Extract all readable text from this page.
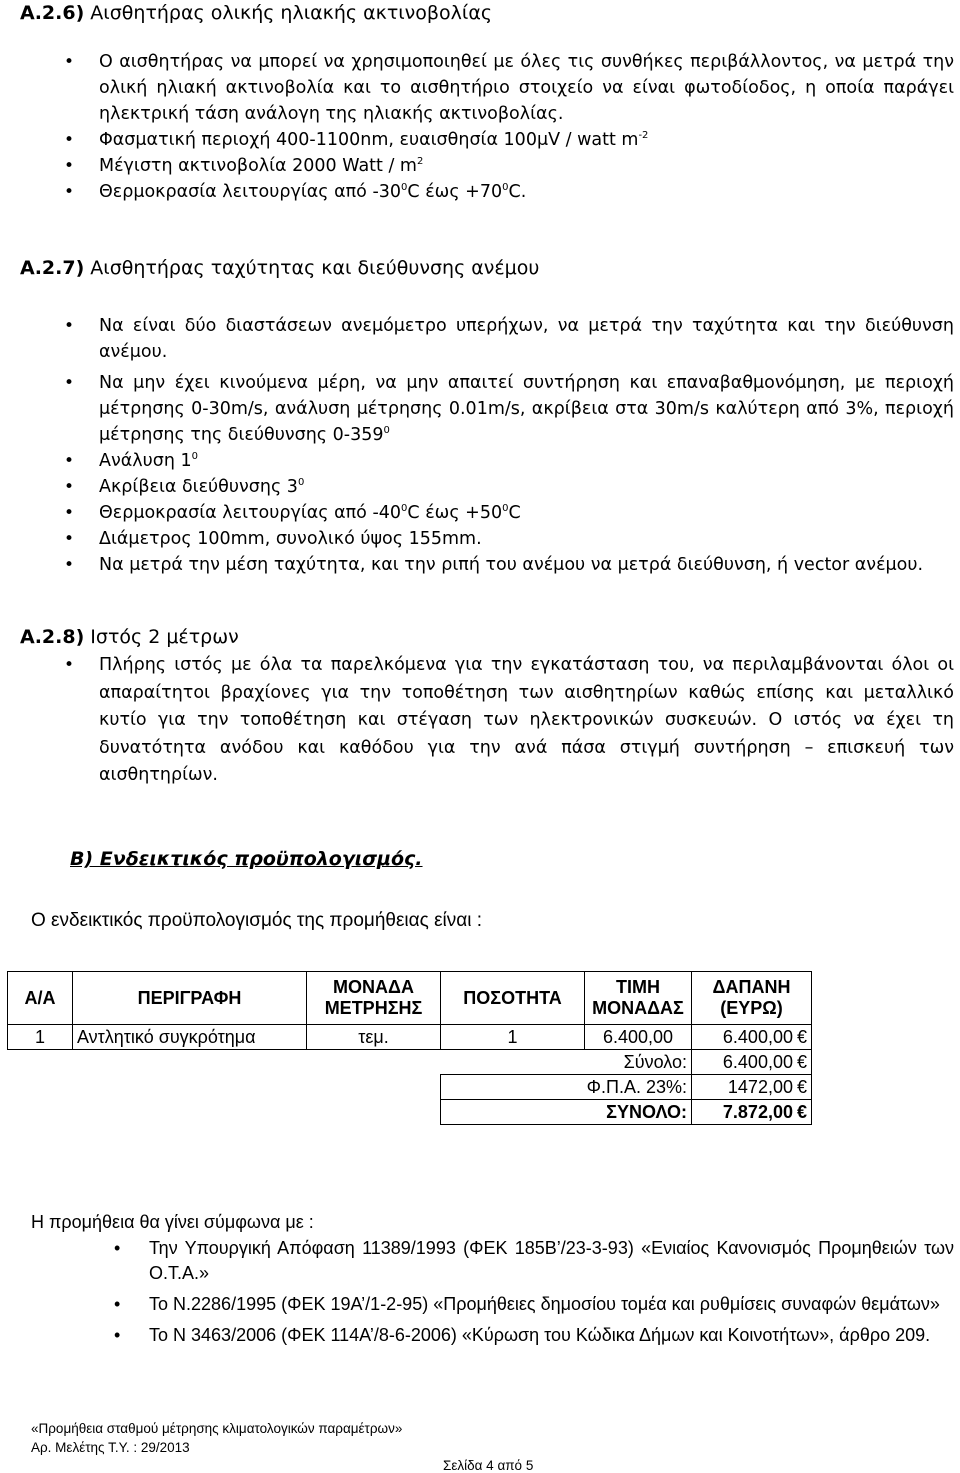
Α.2.6) Αισθητήρας ολικής ηλιακής ακτινοβολίας
• Ο αισθητήρας να μπορεί να χρησιμοποιηθεί με όλες τις συνθήκες περιβάλλοντος, να μετρά την ολική ηλιακή ακτινοβολία και το αισθητήριο στοιχείο να είναι φωτοδίοδος, η οποία παράγει ηλεκτρική τάση ανάλογη της ηλιακής ακτινοβολίας.
• Φασματική περιοχή 400-1100nm, ευαισθησία 100μV / watt $m^{-2}$
• Μέγιστη ακτινοβολία 2000 Watt / $m^2$
• Θερμοκρασία λειτουργίας από $-30^0C$ $έ\omega\varsigma +70^0C$.
Α.2.7) Αισθητήρας ταχύτητας και διεύθυνσης ανέμου
• Να είναι δύο διαστάσεων ανεμόμετρο υπερήχων, να μετρά την ταχύτητα και την διεύθυνση ανέμου.
• Να μην έχει κινούμενα μέρη, να μην απαιτεί συντήρηση και επαναβαθμονόμηση, με περιοχή μέτρησης 0-30m/s, ανάλυση μέτρησης 0.01m/s, ακρίβεια στα 30m/s καλύτερη από 3%, περιοχή μέτρησης της διεύθυνσης $0-359^0$
• Ανάλυση $1^0$
• Ακρίβεια διεύθυνσης $3^0$
• Θερμοκρασία λειτουργίας από $-40^0C$ $έ\omega\varsigma +50^0C$
• Διάμετρος 100mm, συνολικό ύψος 155mm.
• Να μετρά την μέση ταχύτητα, και την ριπή του ανέμου να μετρά διεύθυνση, ή vector ανέμου.
Α.2.8) Ιστός 2 μέτρων
• Πλήρης ιστός με όλα τα παρελκόμενα για την εγκατάσταση του, να περιλαμβάνονται όλοι οι απαραίτητοι βραχίονες για την τοποθέτηση των αισθητηρίων καθώς επίσης και μεταλλικό κυτίο για την τοποθέτηση και στέγαση των ηλεκτρονικών συσκευών. Ο ιστός να έχει τη δυνατότητα ανόδου και καθόδου για την ανά πάσα στιγμή συντήρηση – επισκευή των αισθητηρίων.
Β) Ενδεικτικός προϋπολογισμός.
Ο ενδεικτικός προϋπολογισμός της προμήθειας είναι :
Α/Α	ΠΕΡΙΓΡΑΦΗ	ΜΟΝΑΔΑ ΜΕΤΡΗΣΗΣ	ΠΟΣΟΤΗΤΑ	ΤΙΜΗ ΜΟΝΑΔΑΣ	ΔΑΠΑΝΗ (ΕΥΡΩ)
1	Αντλητικό συγκρότημα	τεμ.	1	6.400,00	6.400,00 €
				Σύνολο:	6.400,00 €
			Φ.Π.Α. 23%:		1472,00 €
			ΣΥΝΟΛΟ:		7.872,00 €
Η προμήθεια θα γίνει σύμφωνα με :
• Την Υπουργική Απόφαση 11389/1993 (ΦΕΚ 185Β’/23-3-93) «Ενιαίος Κανονισμός Προμηθειών των Ο.Τ.Α.»
• Το Ν.2286/1995 (ΦΕΚ 19Α’/1-2-95) «Προμήθειες δημοσίου τομέα και ρυθμίσεις συναφών θεμάτων»
• Το Ν 3463/2006 (ΦΕΚ 114Α’/8-6-2006) «Κύρωση του Κώδικα Δήμων και Κοινοτήτων», άρθρο 209.
«Προμήθεια σταθμού μέτρησης κλιματολογικών παραμέτρων»
Αρ. Μελέτης Τ.Υ. : 29/2013
Σελίδα 4 από 5
